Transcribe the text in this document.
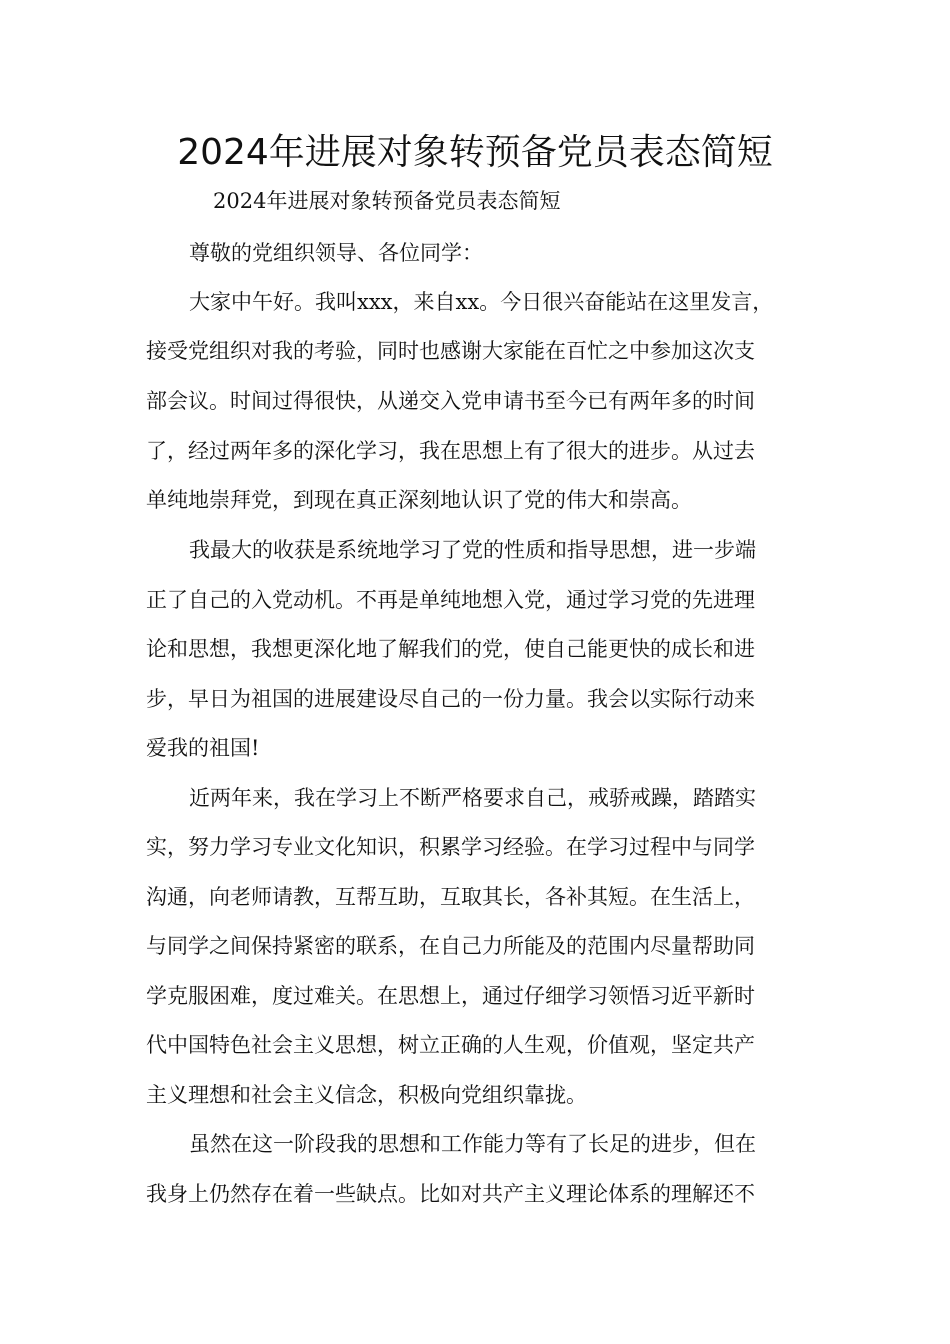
2024年进展对象转预备党员表态简短

2024年进展对象转预备党员表态简短

尊敬的党组织领导、各位同学：

大家中午好。我叫xxx，来自xx。今日很兴奋能站在这里发言，

接受党组织对我的考验，同时也感谢大家能在百忙之中参加这次支

部会议。时间过得很快，从递交入党申请书至今已有两年多的时间

了，经过两年多的深化学习，我在思想上有了很大的进步。从过去

单纯地崇拜党，到现在真正深刻地认识了党的伟大和崇高。

我最大的收获是系统地学习了党的性质和指导思想，进一步端

正了自己的入党动机。不再是单纯地想入党，通过学习党的先进理

论和思想，我想更深化地了解我们的党，使自己能更快的成长和进

步，早日为祖国的进展建设尽自己的一份力量。我会以实际行动来

爱我的祖国!

近两年来，我在学习上不断严格要求自己，戒骄戒躁，踏踏实

实，努力学习专业文化知识，积累学习经验。在学习过程中与同学

沟通，向老师请教，互帮互助，互取其长，各补其短。在生活上，

与同学之间保持紧密的联系，在自己力所能及的范围内尽量帮助同

学克服困难，度过难关。在思想上，通过仔细学习领悟习近平新时

代中国特色社会主义思想，树立正确的人生观，价值观，坚定共产

主义理想和社会主义信念，积极向党组织靠拢。

虽然在这一阶段我的思想和工作能力等有了长足的进步，但在

我身上仍然存在着一些缺点。比如对共产主义理论体系的理解还不
